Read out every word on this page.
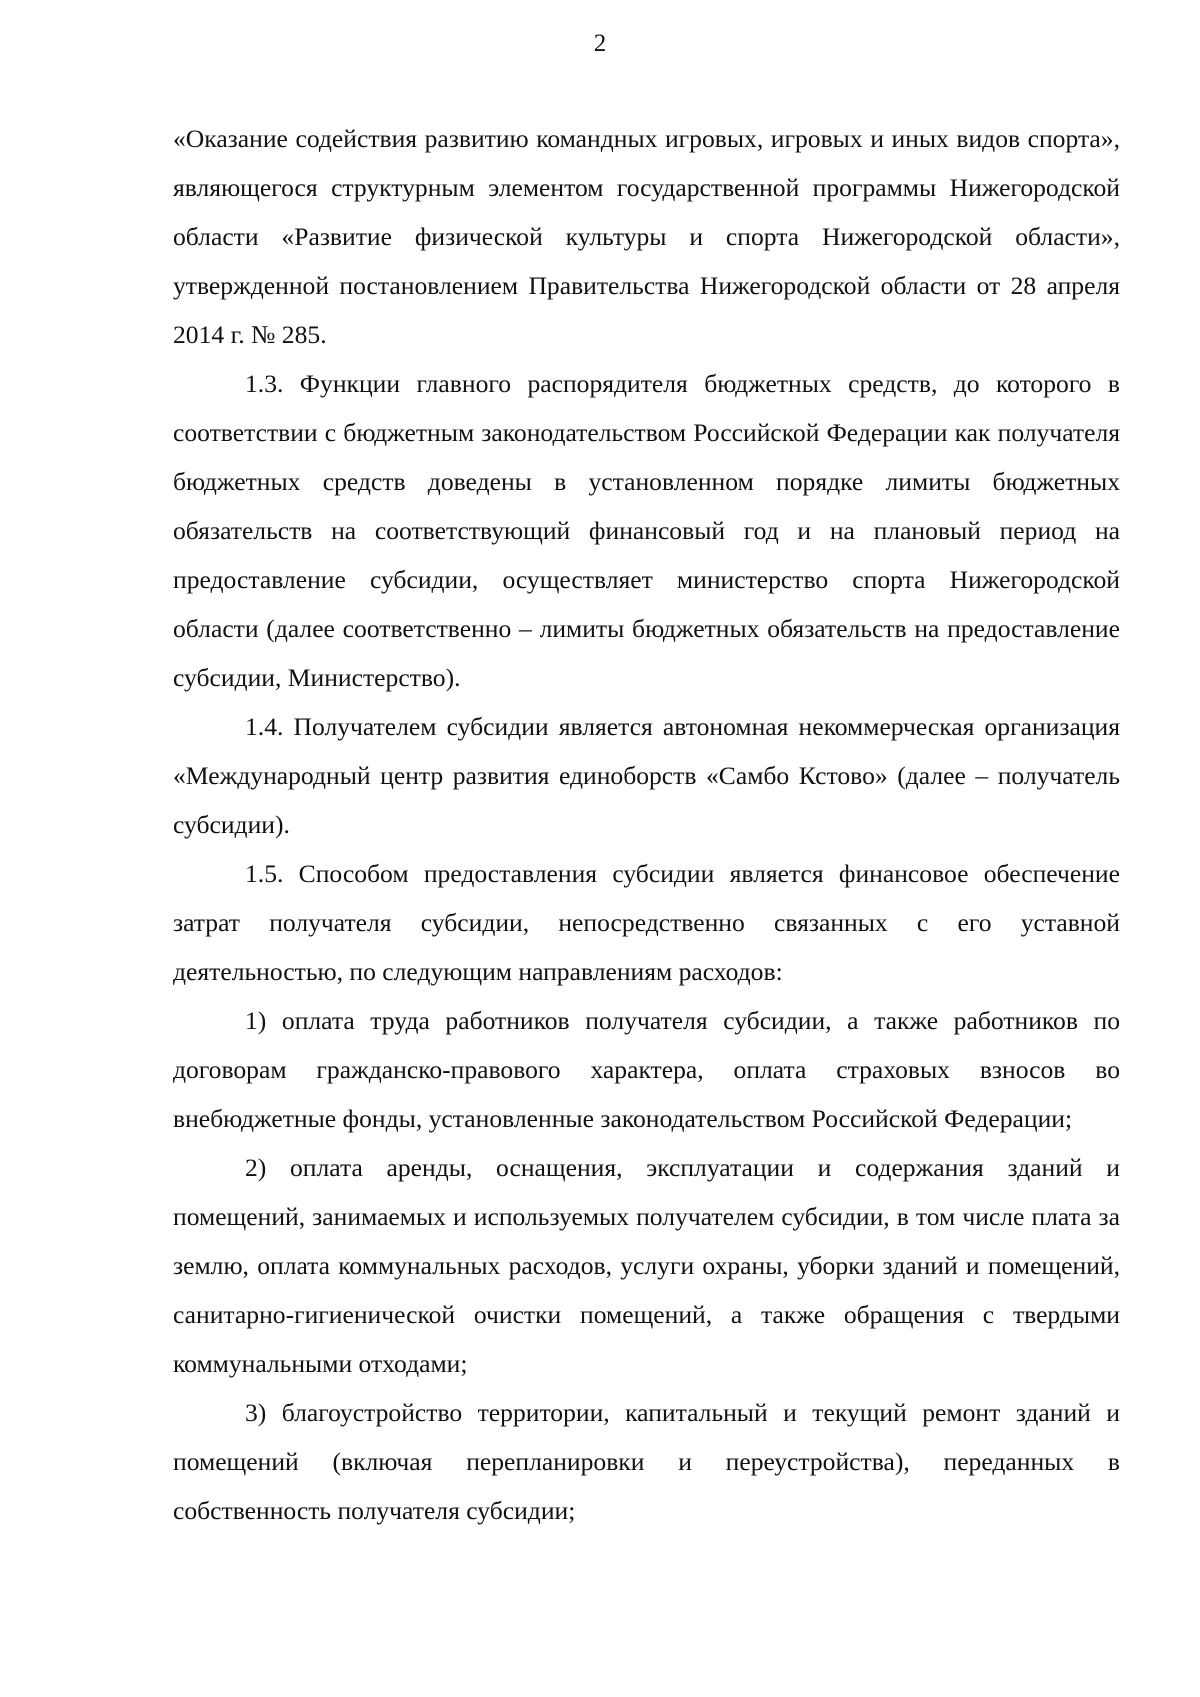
2

«Оказание содействия развитию командных игровых, игровых и иных видов спорта», являющегося структурным элементом государственной программы Нижегородской области «Развитие физической культуры и спорта Нижегородской области», утвержденной постановлением Правительства Нижегородской области от 28 апреля 2014 г. № 285.

1.3. Функции главного распорядителя бюджетных средств, до которого в соответствии с бюджетным законодательством Российской Федерации как получателя бюджетных средств доведены в установленном порядке лимиты бюджетных обязательств на соответствующий финансовый год и на плановый период на предоставление субсидии, осуществляет министерство спорта Нижегородской области (далее соответственно – лимиты бюджетных обязательств на предоставление субсидии, Министерство).

1.4. Получателем субсидии является автономная некоммерческая организация «Международный центр развития единоборств «Самбо Кстово» (далее – получатель субсидии).

1.5. Способом предоставления субсидии является финансовое обеспечение затрат получателя субсидии, непосредственно связанных с его уставной деятельностью, по следующим направлениям расходов:

1) оплата труда работников получателя субсидии, а также работников по договорам гражданско-правового характера, оплата страховых взносов во внебюджетные фонды, установленные законодательством Российской Федерации;

2) оплата аренды, оснащения, эксплуатации и содержания зданий и помещений, занимаемых и используемых получателем субсидии, в том числе плата за землю, оплата коммунальных расходов, услуги охраны, уборки зданий и помещений, санитарно-гигиенической очистки помещений, а также обращения с твердыми коммунальными отходами;

3) благоустройство территории, капитальный и текущий ремонт зданий и помещений (включая перепланировки и переустройства), переданных в собственность получателя субсидии;
